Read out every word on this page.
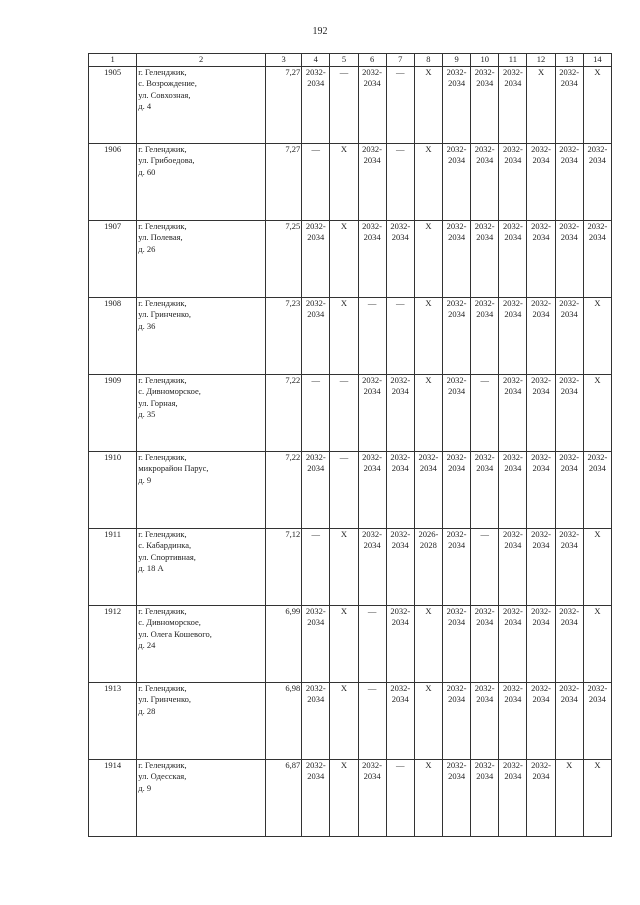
192
1	2	3	4	5	6	7	8	9	10	11	12	13	14
1905	г. Геленджик,
с. Возрождение,
ул. Совхозная,
д. 4	7,27	2032-
2034	—	2032-
2034	—	X	2032-
2034	2032-
2034	2032-
2034	X	2032-
2034	X

1906	г. Геленджик,
ул. Грибоедова,
д. 60	7,27	—	X	2032-
2034	—	X	2032-
2034	2032-
2034	2032-
2034	2032-
2034	2032-
2034	2032-
2034

1907	г. Геленджик,
ул. Полевая,
д. 26	7,25	2032-
2034	X	2032-
2034	2032-
2034	X	2032-
2034	2032-
2034	2032-
2034	2032-
2034	2032-
2034	2032-
2034

1908	г. Геленджик,
ул. Гринченко,
д. 36	7,23	2032-
2034	X	—	—	X	2032-
2034	2032-
2034	2032-
2034	2032-
2034	2032-
2034	X

1909	г. Геленджик,
с. Дивноморское,
ул. Горная,
д. 35	7,22	—	—	2032-
2034	2032-
2034	X	2032-
2034	—	2032-
2034	2032-
2034	2032-
2034	X

1910	г. Геленджик,
микрорайон Парус,
д. 9	7,22	2032-
2034	—	2032-
2034	2032-
2034	2032-
2034	2032-
2034	2032-
2034	2032-
2034	2032-
2034	2032-
2034	2032-
2034

1911	г. Геленджик,
с. Кабардинка,
ул. Спортивная,
д. 18 А	7,12	—	X	2032-
2034	2032-
2034	2026-
2028	2032-
2034	—	2032-
2034	2032-
2034	2032-
2034	X

1912	г. Геленджик,
с. Дивноморское,
ул. Олега Кошевого,
д. 24	6,99	2032-
2034	X	—	2032-
2034	X	2032-
2034	2032-
2034	2032-
2034	2032-
2034	2032-
2034	X

1913	г. Геленджик,
ул. Гринченко,
д. 28	6,98	2032-
2034	X	—	2032-
2034	X	2032-
2034	2032-
2034	2032-
2034	2032-
2034	2032-
2034	2032-
2034

1914	г. Геленджик,
ул. Одесская,
д. 9	6,87	2032-
2034	X	2032-
2034	—	X	2032-
2034	2032-
2034	2032-
2034	2032-
2034	X	X
